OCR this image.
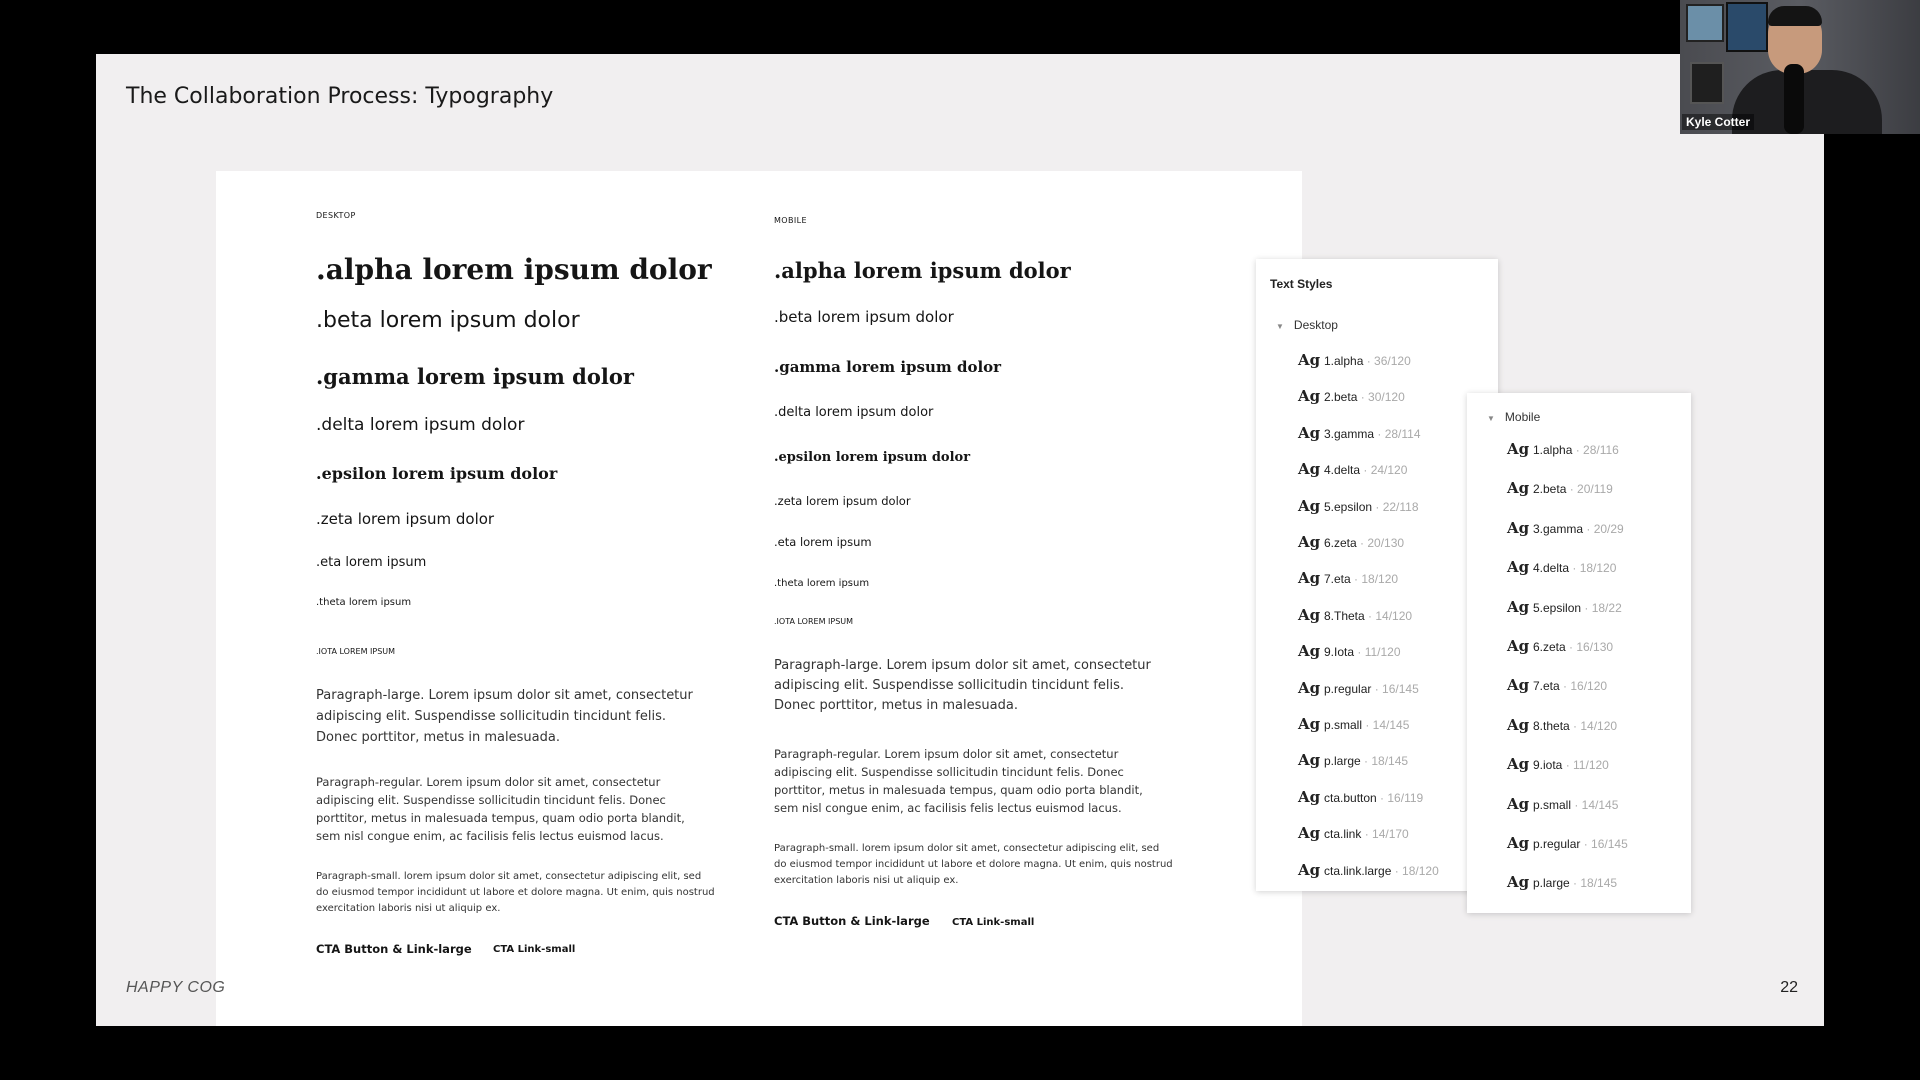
The Collaboration Process: Typography
DESKTOP
.alpha lorem ipsum dolor
.beta lorem ipsum dolor
.gamma lorem ipsum dolor
.delta lorem ipsum dolor
.epsilon lorem ipsum dolor
.zeta lorem ipsum dolor
.eta lorem ipsum
.theta lorem ipsum
.IOTA LOREM IPSUM
Paragraph-large. Lorem ipsum dolor sit amet, consectetur adipiscing elit. Suspendisse sollicitudin tincidunt felis. Donec porttitor, metus in malesuada.
Paragraph-regular. Lorem ipsum dolor sit amet, consectetur adipiscing elit. Suspendisse sollicitudin tincidunt felis. Donec porttitor, metus in malesuada tempus, quam odio porta blandit, sem nisl congue enim, ac facilisis felis lectus euismod lacus.
Paragraph-small. lorem ipsum dolor sit amet, consectetur adipiscing elit, sed do eiusmod tempor incididunt ut labore et dolore magna. Ut enim, quis nostrud exercitation laboris nisi ut aliquip ex.
CTA Button & Link-large CTA Link-small
MOBILE
.alpha lorem ipsum dolor
.beta lorem ipsum dolor
.gamma lorem ipsum dolor
.delta lorem ipsum dolor
.epsilon lorem ipsum dolor
.zeta lorem ipsum dolor
.eta lorem ipsum
.theta lorem ipsum
.IOTA LOREM IPSUM
Paragraph-large. Lorem ipsum dolor sit amet, consectetur adipiscing elit. Suspendisse sollicitudin tincidunt felis. Donec porttitor, metus in malesuada.
Paragraph-regular. Lorem ipsum dolor sit amet, consectetur adipiscing elit. Suspendisse sollicitudin tincidunt felis. Donec porttitor, metus in malesuada tempus, quam odio porta blandit, sem nisl congue enim, ac facilisis felis lectus euismod lacus.
Paragraph-small. lorem ipsum dolor sit amet, consectetur adipiscing elit, sed do eiusmod tempor incididunt ut labore et dolore magna. Ut enim, quis nostrud exercitation laboris nisi ut aliquip ex.
CTA Button & Link-large CTA Link-small
Text Styles
▼ Desktop
Ag 1.alpha · 36/120
Ag 2.beta · 30/120
Ag 3.gamma · 28/114
Ag 4.delta · 24/120
Ag 5.epsilon · 22/118
Ag 6.zeta · 20/130
Ag 7.eta · 18/120
Ag 8.Theta · 14/120
Ag 9.Iota · 11/120
Ag p.regular · 16/145
Ag p.small · 14/145
Ag p.large · 18/145
Ag cta.button · 16/119
Ag cta.link · 14/170
Ag cta.link.large · 18/120
▼ Mobile
Ag 1.alpha · 28/116
Ag 2.beta · 20/119
Ag 3.gamma · 20/29
Ag 4.delta · 18/120
Ag 5.epsilon · 18/22
Ag 6.zeta · 16/130
Ag 7.eta · 16/120
Ag 8.theta · 14/120
Ag 9.iota · 11/120
Ag p.small · 14/145
Ag p.regular · 16/145
Ag p.large · 18/145
HAPPY COG	22
Kyle Cotter
